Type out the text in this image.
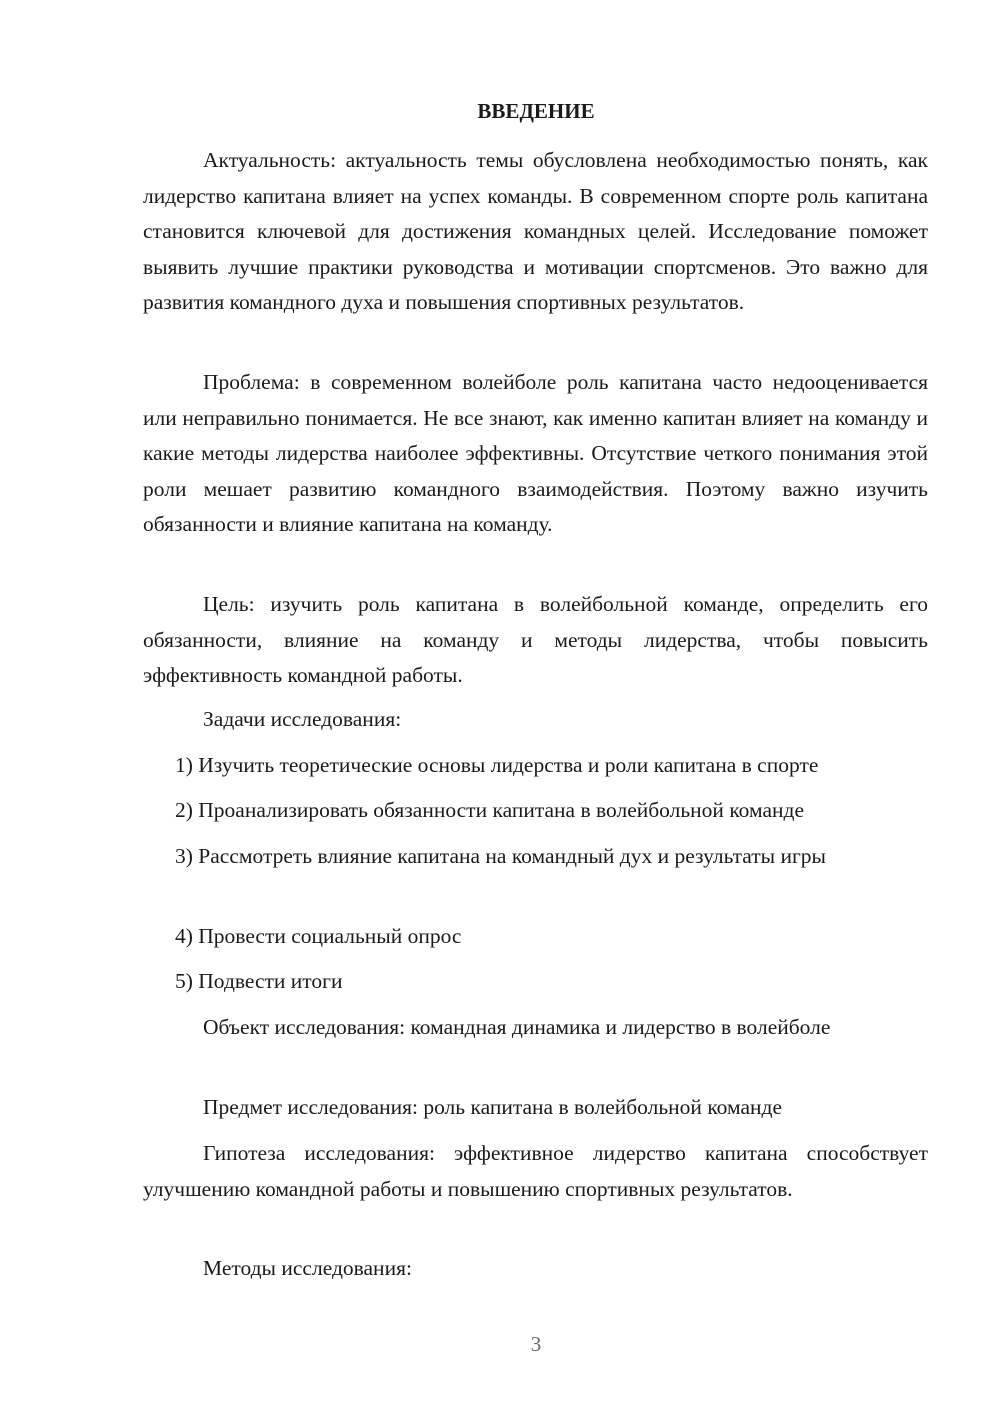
ВВЕДЕНИЕ

Актуальность: актуальность темы обусловлена необходимостью понять, как лидерство капитана влияет на успех команды. В современном спорте роль капитана становится ключевой для достижения командных целей. Исследование поможет выявить лучшие практики руководства и мотивации спортсменов. Это важно для развития командного духа и повышения спортивных результатов.

Проблема: в современном волейболе роль капитана часто недооценивается или неправильно понимается. Не все знают, как именно капитан влияет на команду и какие методы лидерства наиболее эффективны. Отсутствие четкого понимания этой роли мешает развитию командного взаимодействия. Поэтому важно изучить обязанности и влияние капитана на команду.

Цель: изучить роль капитана в волейбольной команде, определить его обязанности, влияние на команду и методы лидерства, чтобы повысить эффективность командной работы.

Задачи исследования:

1) Изучить теоретические основы лидерства и роли капитана в спорте

2) Проанализировать обязанности капитана в волейбольной команде

3) Рассмотреть влияние капитана на командный дух и результаты игры

4) Провести социальный опрос

5) Подвести итоги

Объект исследования: командная динамика и лидерство в волейболе

Предмет исследования: роль капитана в волейбольной команде

Гипотеза исследования: эффективное лидерство капитана способствует улучшению командной работы и повышению спортивных результатов.

Методы исследования:

3
